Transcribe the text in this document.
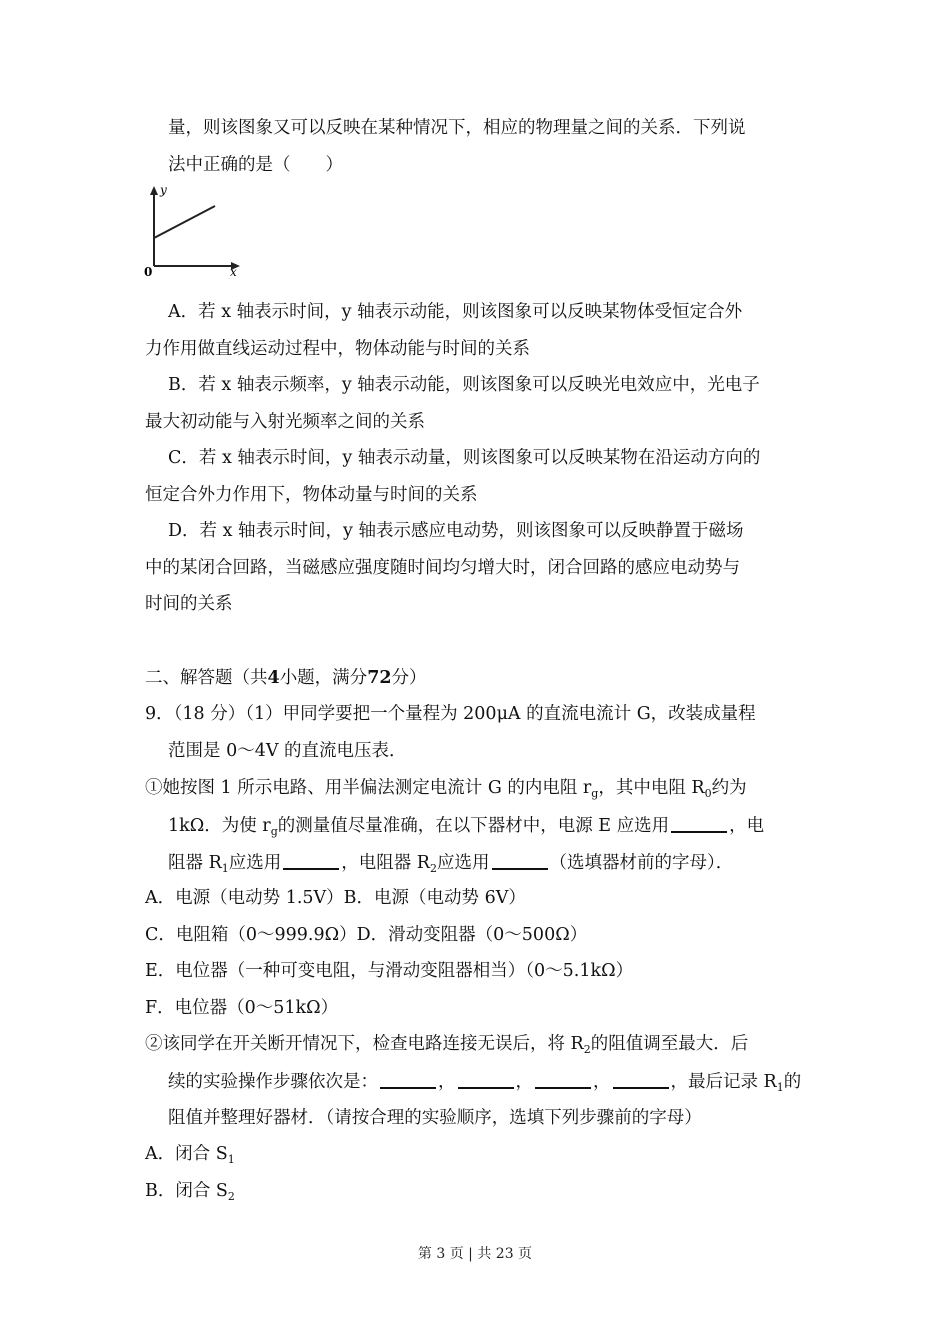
量，则该图象又可以反映在某种情况下，相应的物理量之间的关系．下列说
法中正确的是（　　）
y
x
0
A．若 x 轴表示时间，y 轴表示动能，则该图象可以反映某物体受恒定合外
力作用做直线运动过程中，物体动能与时间的关系
B．若 x 轴表示频率，y 轴表示动能，则该图象可以反映光电效应中，光电子
最大初动能与入射光频率之间的关系
C．若 x 轴表示时间，y 轴表示动量，则该图象可以反映某物在沿运动方向的
恒定合外力作用下，物体动量与时间的关系
D．若 x 轴表示时间，y 轴表示感应电动势，则该图象可以反映静置于磁场
中的某闭合回路，当磁感应强度随时间均匀增大时，闭合回路的感应电动势与
时间的关系
二、解答题（共4小题，满分72分）
9．（18 分）（1）甲同学要把一个量程为 200μA 的直流电流计 G，改装成量程
范围是 0～4V 的直流电压表．
①她按图 1 所示电路、用半偏法测定电流计 G 的内电阻 $r_g$，其中电阻 $R_0$约为
1kΩ．为使 $r_g$的测量值尽量准确，在以下器材中，电源 E 应选用	，电
阻器 $R_1$应选用	，电阻器 $R_2$应选用	（选填器材前的字母）．
A．电源（电动势 1.5V）B．电源（电动势 6V）
C．电阻箱（0～999.9Ω）D．滑动变阻器（0～500Ω）
E．电位器（一种可变电阻，与滑动变阻器相当）（0～5.1kΩ）
F．电位器（0～51kΩ）
②该同学在开关断开情况下，检查电路连接无误后，将 $R_2$的阻值调至最大．后
续的实验操作步骤依次是：	，	，	，	，最后记录 $R_1$的
阻值并整理好器材．（请按合理的实验顺序，选填下列步骤前的字母）
A．闭合 $S_1$
B．闭合 $S_2$
第 3 页 | 共 23 页
